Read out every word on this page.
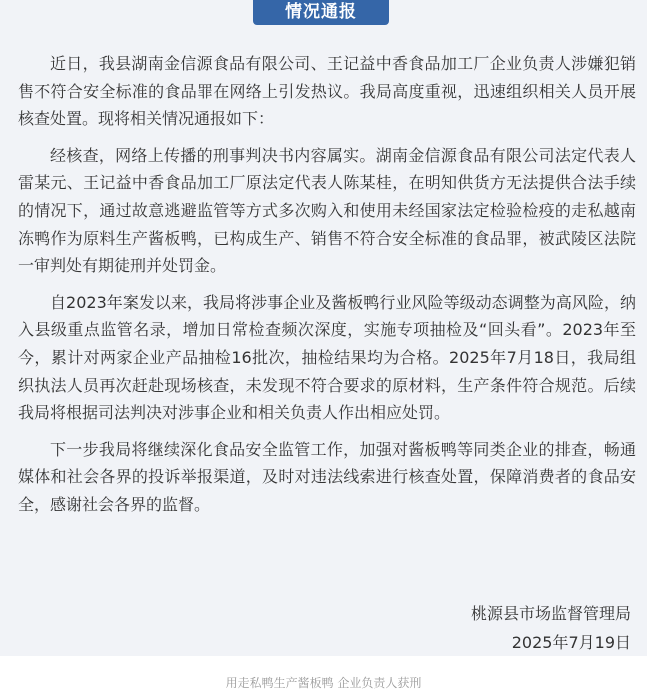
情况通报

近日，我县湖南金信源食品有限公司、王记益中香食品加工厂企业负责人涉嫌犯销售不符合安全标准的食品罪在网络上引发热议。我局高度重视，迅速组织相关人员开展核查处置。现将相关情况通报如下：

经核查，网络上传播的刑事判决书内容属实。湖南金信源食品有限公司法定代表人雷某元、王记益中香食品加工厂原法定代表人陈某桂，在明知供货方无法提供合法手续的情况下，通过故意逃避监管等方式多次购入和使用未经国家法定检验检疫的走私越南冻鸭作为原料生产酱板鸭，已构成生产、销售不符合安全标准的食品罪，被武陵区法院一审判处有期徒刑并处罚金。

自2023年案发以来，我局将涉事企业及酱板鸭行业风险等级动态调整为高风险，纳入县级重点监管名录，增加日常检查频次深度，实施专项抽检及“回头看”。2023年至今，累计对两家企业产品抽检16批次，抽检结果均为合格。2025年7月18日，我局组织执法人员再次赶赴现场核查，未发现不符合要求的原材料，生产条件符合规范。后续我局将根据司法判决对涉事企业和相关负责人作出相应处罚。

下一步我局将继续深化食品安全监管工作，加强对酱板鸭等同类企业的排查，畅通媒体和社会各界的投诉举报渠道，及时对违法线索进行核查处置，保障消费者的食品安全，感谢社会各界的监督。

桃源县市场监督管理局
2025年7月19日
用走私鸭生产酱板鸭 企业负责人获刑
